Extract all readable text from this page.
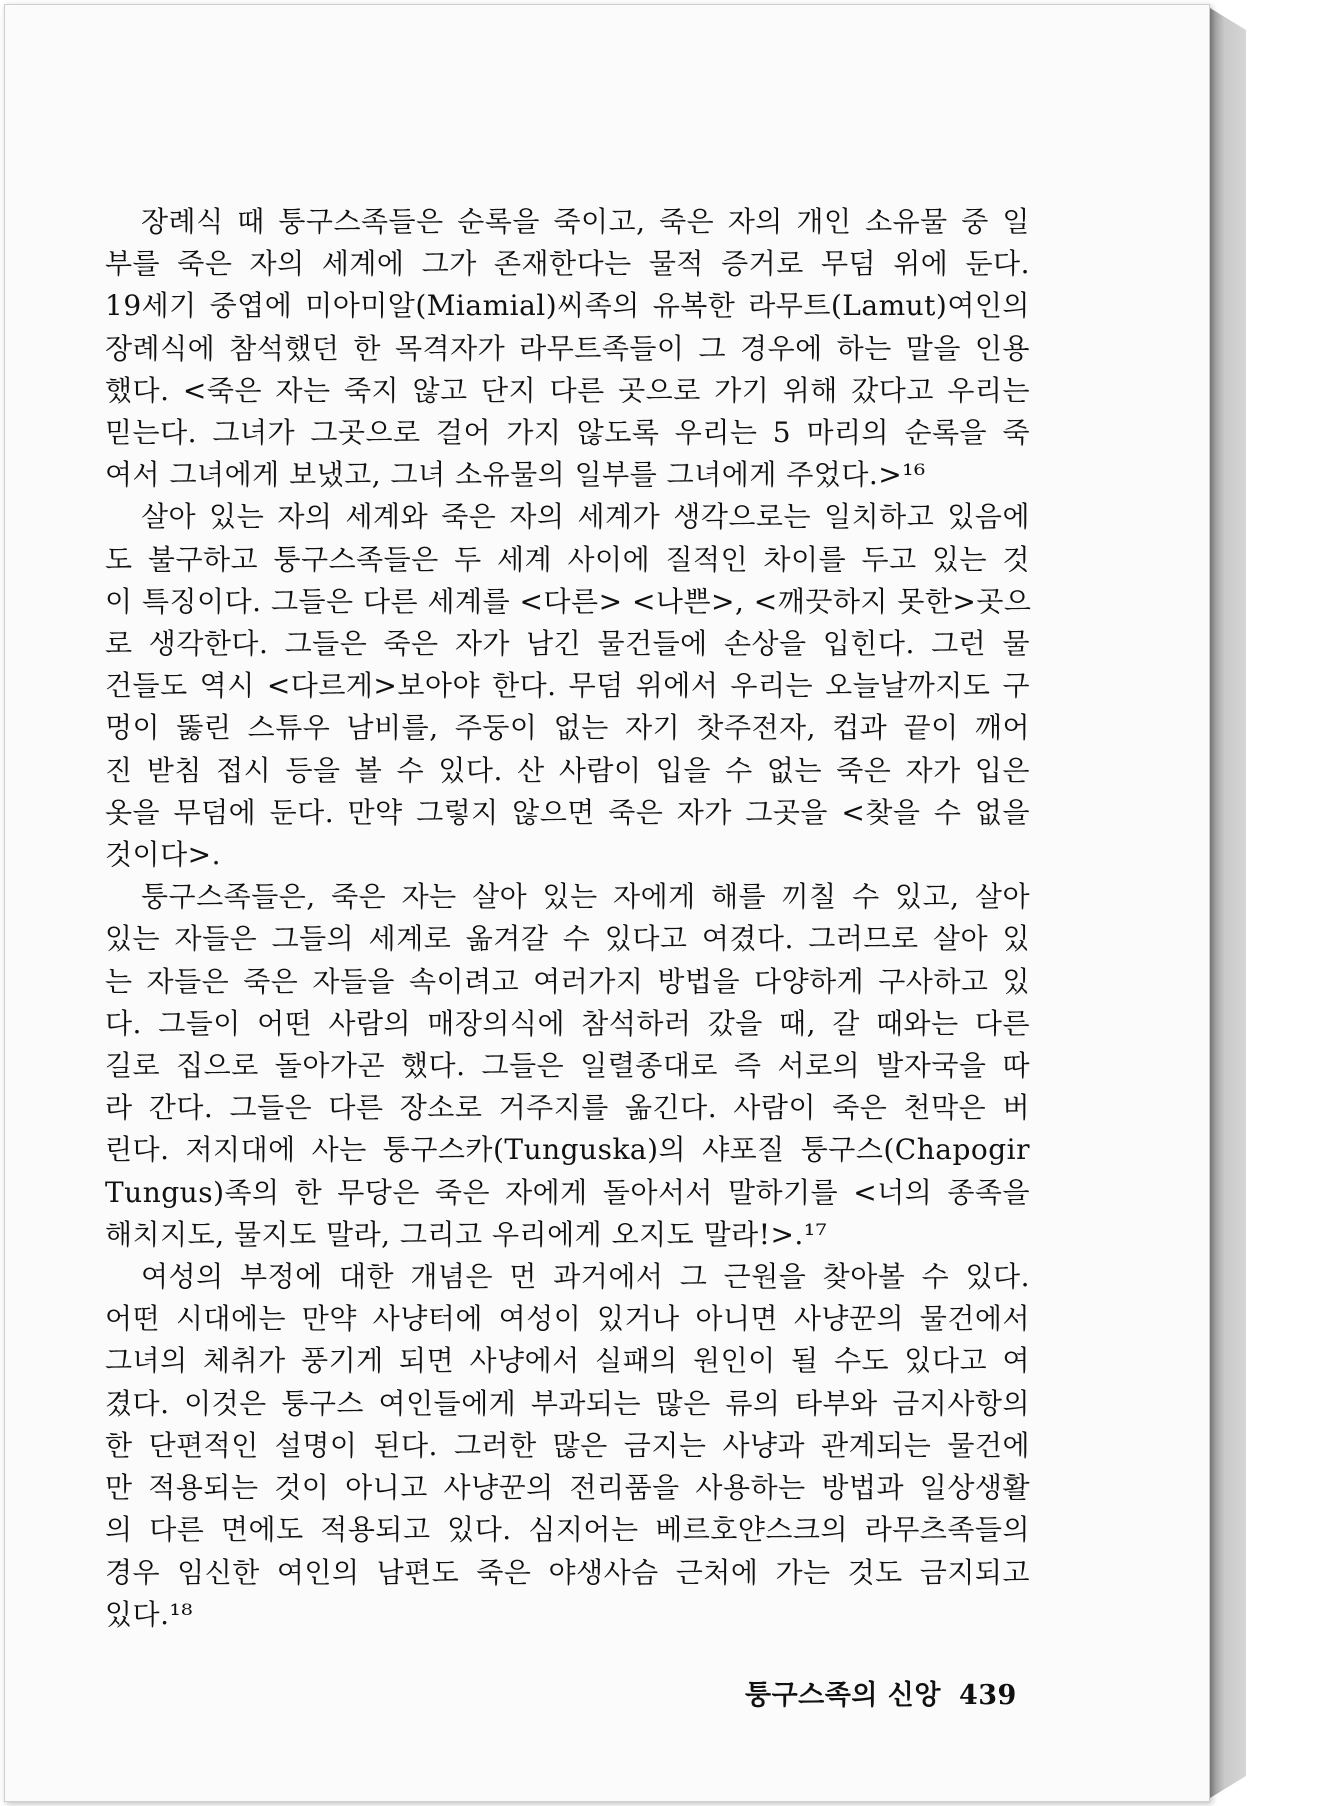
장례식 때 퉁구스족들은 순록을 죽이고, 죽은 자의 개인 소유물 중 일
부를 죽은 자의 세계에 그가 존재한다는 물적 증거로 무덤 위에 둔다.
19세기 중엽에 미아미알(Miamial)씨족의 유복한 라무트(Lamut)여인의
장례식에 참석했던 한 목격자가 라무트족들이 그 경우에 하는 말을 인용
했다. <죽은 자는 죽지 않고 단지 다른 곳으로 가기 위해 갔다고 우리는
믿는다. 그녀가 그곳으로 걸어 가지 않도록 우리는 5 마리의 순록을 죽
여서 그녀에게 보냈고, 그녀 소유물의 일부를 그녀에게 주었다.>¹⁶

살아 있는 자의 세계와 죽은 자의 세계가 생각으로는 일치하고 있음에
도 불구하고 퉁구스족들은 두 세계 사이에 질적인 차이를 두고 있는 것
이 특징이다. 그들은 다른 세계를 <다른> <나쁜>, <깨끗하지 못한>곳으
로 생각한다. 그들은 죽은 자가 남긴 물건들에 손상을 입힌다. 그런 물
건들도 역시 <다르게>보아야 한다. 무덤 위에서 우리는 오늘날까지도 구
멍이 뚫린 스튜우 남비를, 주둥이 없는 자기 찻주전자, 컵과 끝이 깨어
진 받침 접시 등을 볼 수 있다. 산 사람이 입을 수 없는 죽은 자가 입은
옷을 무덤에 둔다. 만약 그렇지 않으면 죽은 자가 그곳을 <찾을 수 없을
것이다>.

퉁구스족들은, 죽은 자는 살아 있는 자에게 해를 끼칠 수 있고, 살아
있는 자들은 그들의 세계로 옮겨갈 수 있다고 여겼다. 그러므로 살아 있
는 자들은 죽은 자들을 속이려고 여러가지 방법을 다양하게 구사하고 있
다. 그들이 어떤 사람의 매장의식에 참석하러 갔을 때, 갈 때와는 다른
길로 집으로 돌아가곤 했다. 그들은 일렬종대로 즉 서로의 발자국을 따
라 간다. 그들은 다른 장소로 거주지를 옮긴다. 사람이 죽은 천막은 버
린다. 저지대에 사는 퉁구스카(Tunguska)의 샤포질 퉁구스(Chapogir
Tungus)족의 한 무당은 죽은 자에게 돌아서서 말하기를 <너의 종족을
해치지도, 물지도 말라, 그리고 우리에게 오지도 말라!>.¹⁷

여성의 부정에 대한 개념은 먼 과거에서 그 근원을 찾아볼 수 있다.
어떤 시대에는 만약 사냥터에 여성이 있거나 아니면 사냥꾼의 물건에서
그녀의 체취가 풍기게 되면 사냥에서 실패의 원인이 될 수도 있다고 여
겼다. 이것은 퉁구스 여인들에게 부과되는 많은 류의 타부와 금지사항의
한 단편적인 설명이 된다. 그러한 많은 금지는 사냥과 관계되는 물건에
만 적용되는 것이 아니고 사냥꾼의 전리품을 사용하는 방법과 일상생활
의 다른 면에도 적용되고 있다. 심지어는 베르호얀스크의 라무츠족들의
경우 임신한 여인의 남편도 죽은 야생사슴 근처에 가는 것도 금지되고
있다.¹⁸

퉁구스족의 신앙 439
